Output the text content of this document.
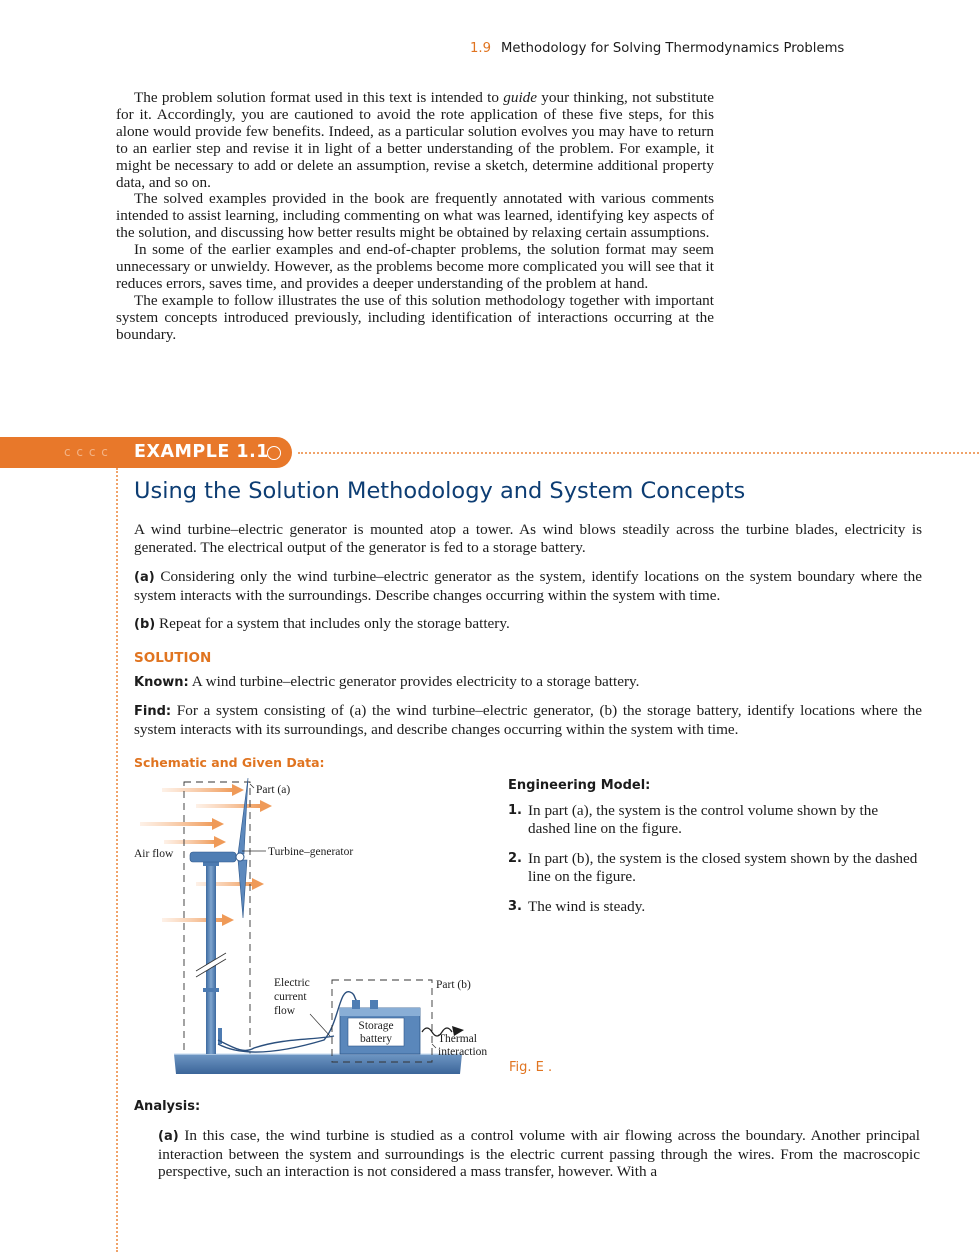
1.9 Methodology for Solving Thermodynamics Problems

The problem solution format used in this text is intended to guide your thinking, not substitute for it. Accordingly, you are cautioned to avoid the rote application of these five steps, for this alone would provide few benefits. Indeed, as a particular solution evolves you may have to return to an earlier step and revise it in light of a better understanding of the problem. For example, it might be necessary to add or delete an assumption, revise a sketch, determine additional property data, and so on.

The solved examples provided in the book are frequently annotated with various comments intended to assist learning, including commenting on what was learned, identifying key aspects of the solution, and discussing how better results might be obtained by relaxing certain assumptions.

In some of the earlier examples and end-of-chapter problems, the solution format may seem unnecessary or unwieldy. However, as the problems become more complicated you will see that it reduces errors, saves time, and provides a deeper understanding of the problem at hand.

The example to follow illustrates the use of this solution methodology together with important system concepts introduced previously, including identification of interactions occurring at the boundary.

c c c c EXAMPLE 1.1
Using the Solution Methodology and System Concepts

A wind turbine–electric generator is mounted atop a tower. As wind blows steadily across the turbine blades, electricity is generated. The electrical output of the generator is fed to a storage battery.

(a) Considering only the wind turbine–electric generator as the system, identify locations on the system boundary where the system interacts with the surroundings. Describe changes occurring within the system with time.

(b) Repeat for a system that includes only the storage battery.

SOLUTION

Known: A wind turbine–electric generator provides electricity to a storage battery.

Find: For a system consisting of (a) the wind turbine–electric generator, (b) the storage battery, identify locations where the system interacts with its surroundings, and describe changes occurring within the system with time.

Schematic and Given Data:
Part (a)
Air flow	Turbine–generator
Electric
current
flow
Part (b)
Storage
battery	Thermal
interaction
Engineering Model:
1. In part (a), the system is the control volume shown by the dashed line on the figure.
2. In part (b), the system is the closed system shown by the dashed line on the figure.
3. The wind is steady.
Fig. E .
Analysis:

(a) In this case, the wind turbine is studied as a control volume with air flowing across the boundary. Another principal interaction between the system and surroundings is the electric current passing through the wires. From the macroscopic perspective, such an interaction is not considered a mass transfer, however. With a
